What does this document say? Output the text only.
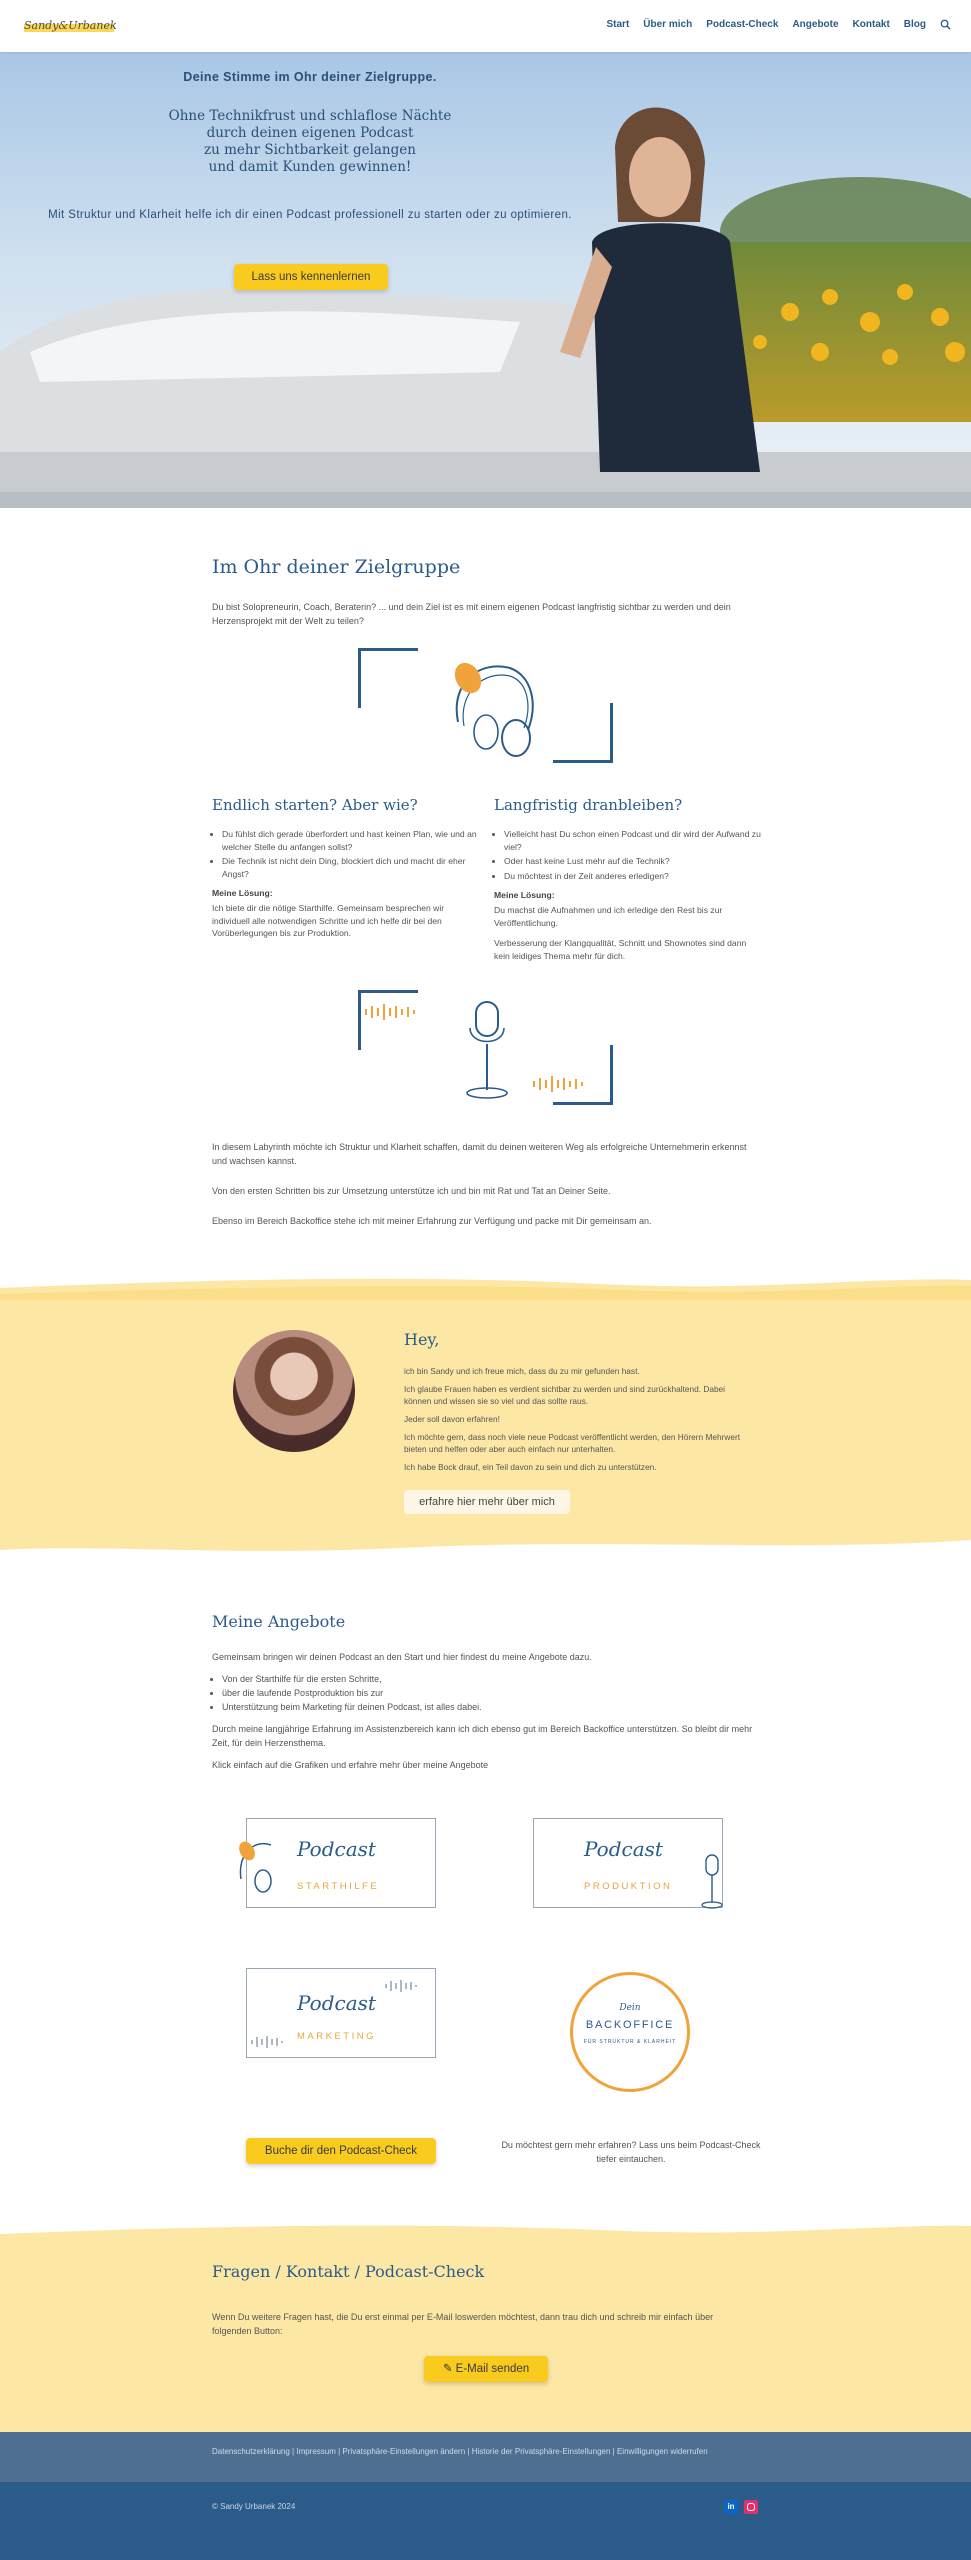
Sandy&Urbanek	Start Über mich Podcast-Check Angebote Kontakt Blog
Deine Stimme im Ohr deiner Zielgruppe.
Ohne Technikfrust und schlaflose Nächte
durch deinen eigenen Podcast
zu mehr Sichtbarkeit gelangen
und damit Kunden gewinnen!
Mit Struktur und Klarheit helfe ich dir einen Podcast professionell zu starten oder zu optimieren.
Lass uns kennenlernen
Im Ohr deiner Zielgruppe
Du bist Solopreneurin, Coach, Beraterin? ... und dein Ziel ist es mit einem eigenen Podcast langfristig sichtbar zu werden und dein Herzensprojekt mit der Welt zu teilen?
Endlich starten? Aber wie?
• Du fühlst dich gerade überfordert und hast keinen Plan, wie und an welcher Stelle du anfangen sollst?
• Die Technik ist nicht dein Ding, blockiert dich und macht dir eher Angst?
Meine Lösung:
Ich biete dir die nötige Starthilfe. Gemeinsam besprechen wir individuell alle notwendigen Schritte und ich helfe dir bei den Vorüberlegungen bis zur Produktion.
Langfristig dranbleiben?
• Vielleicht hast Du schon einen Podcast und dir wird der Aufwand zu viel?
• Oder hast keine Lust mehr auf die Technik?
• Du möchtest in der Zeit anderes erledigen?
Meine Lösung:
Du machst die Aufnahmen und ich erledige den Rest bis zur Veröffentlichung.
Verbesserung der Klangqualität, Schnitt und Shownotes sind dann kein leidiges Thema mehr für dich.
In diesem Labyrinth möchte ich Struktur und Klarheit schaffen, damit du deinen weiteren Weg als erfolgreiche Unternehmerin erkennst und wachsen kannst.
Von den ersten Schritten bis zur Umsetzung unterstütze ich und bin mit Rat und Tat an Deiner Seite.
Ebenso im Bereich Backoffice stehe ich mit meiner Erfahrung zur Verfügung und packe mit Dir gemeinsam an.
Hey,
ich bin Sandy und ich freue mich, dass du zu mir gefunden hast.
Ich glaube Frauen haben es verdient sichtbar zu werden und sind zurückhaltend. Dabei können und wissen sie so viel und das sollte raus.
Jeder soll davon erfahren!
Ich möchte gern, dass noch viele neue Podcast veröffentlicht werden, den Hörern Mehrwert bieten und helfen oder aber auch einfach nur unterhalten.
Ich habe Bock drauf, ein Teil davon zu sein und dich zu unterstützen.
erfahre hier mehr über mich
Meine Angebote
Gemeinsam bringen wir deinen Podcast an den Start und hier findest du meine Angebote dazu.
• Von der Starthilfe für die ersten Schritte,
• über die laufende Postproduktion bis zur
• Unterstützung beim Marketing für deinen Podcast, ist alles dabei.
Durch meine langjährige Erfahrung im Assistenzbereich kann ich dich ebenso gut im Bereich Backoffice unterstützen. So bleibt dir mehr Zeit, für dein Herzensthema.
Klick einfach auf die Grafiken und erfahre mehr über meine Angebote
Podcast
STARTHILFE
Podcast
PRODUKTION
Podcast
MARKETING
Dein
BACKOFFICE
FÜR STRUKTUR & KLARHEIT
Buche dir den Podcast-Check	Du möchtest gern mehr erfahren? Lass uns beim Podcast-Check tiefer eintauchen.
Fragen / Kontakt / Podcast-Check
Wenn Du weitere Fragen hast, die Du erst einmal per E-Mail loswerden möchtest, dann trau dich und schreib mir einfach über folgenden Button:
✎ E-Mail senden
Datenschutzerklärung | Impressum | Privatsphäre-Einstellungen ändern | Historie der Privatsphäre-Einstellungen | Einwilligungen widerrufen
© Sandy Urbanek 2024	in
